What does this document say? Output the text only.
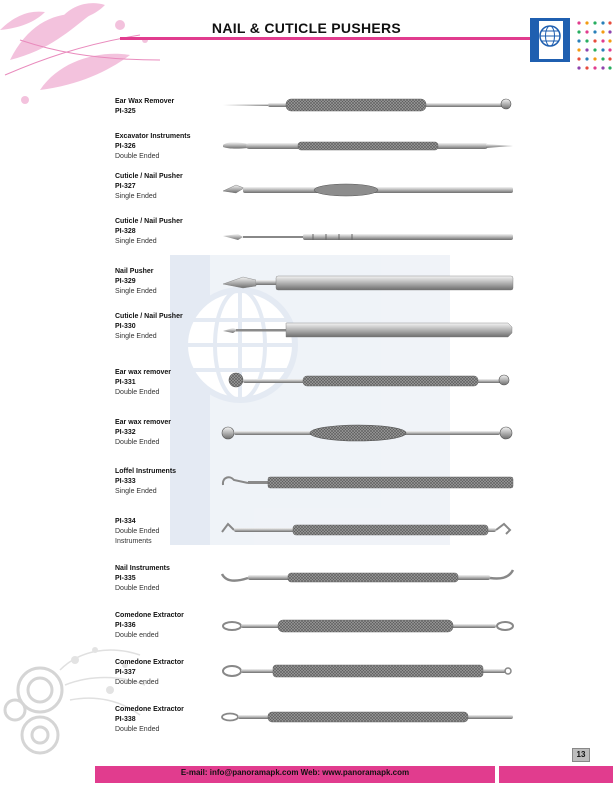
NAIL & CUTICLE PUSHERS
Ear Wax Remover
PI-325
Excavator Instruments
PI-326
Double Ended
Cuticle / Nail Pusher
PI-327
Single Ended
Cuticle / Nail Pusher
PI-328
Single Ended
Nail Pusher
PI-329
Single Ended
Cuticle / Nail Pusher
PI-330
Single Ended
Ear wax remover
PI-331
Double Ended
Ear wax remover
PI-332
Double Ended
Loffel Instruments
PI-333
Single Ended
PI-334
Double Ended
Instruments
Nail Instruments
PI-335
Double Ended
Comedone Extractor
PI-336
Double ended
Comedone Extractor
PI-337
Double ended
Comedone Extractor
PI-338
Double Ended
13
E-mail: info@panoramapk.com Web: www.panoramapk.com
